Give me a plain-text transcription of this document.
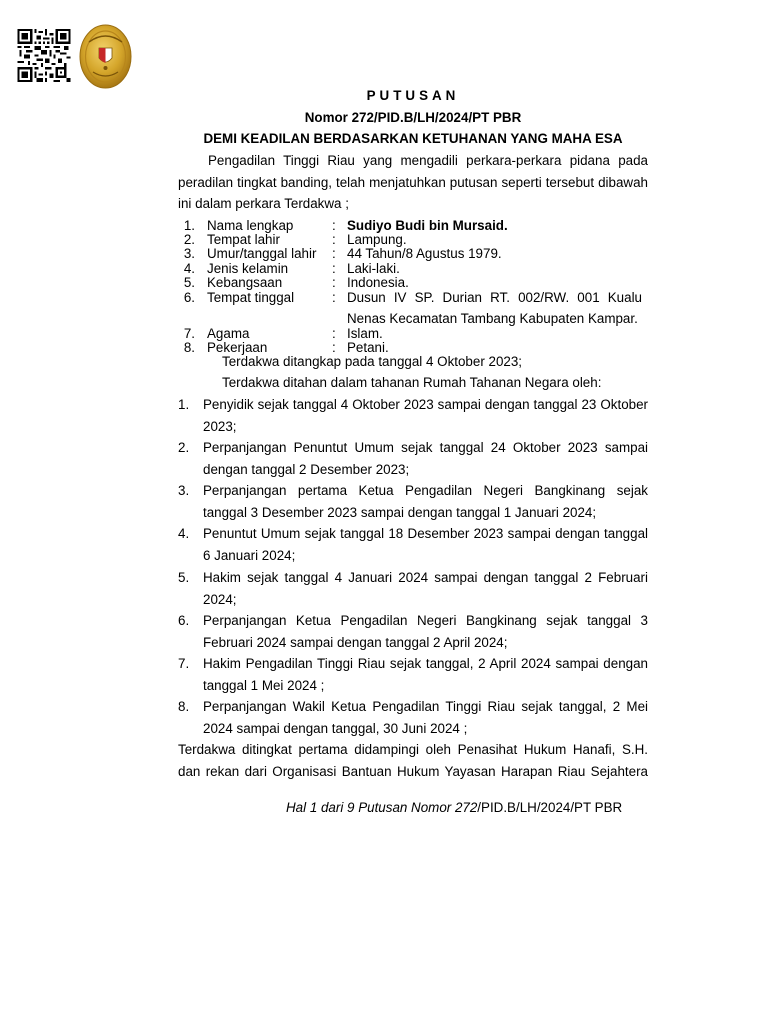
PUTUSAN
Nomor 272/PID.B/LH/2024/PT PBR
DEMI KEADILAN BERDASARKAN KETUHANAN YANG MAHA ESA
Pengadilan Tinggi Riau yang mengadili perkara-perkara pidana pada peradilan tingkat banding, telah menjatuhkan putusan seperti tersebut dibawah ini dalam perkara Terdakwa ;
1. Nama lengkap	: Sudiyo Budi bin Mursaid.
2. Tempat lahir	: Lampung.
3. Umur/tanggal lahir : 44 Tahun/8 Agustus 1979.
4. Jenis kelamin	: Laki-laki.
5. Kebangsaan	: Indonesia.
6. Tempat tinggal	: Dusun IV SP. Durian RT. 002/RW. 001 Kualu
Nenas Kecamatan Tambang Kabupaten Kampar.
7. Agama	: Islam.
8. Pekerjaan	: Petani.
Terdakwa ditangkap pada tanggal 4 Oktober 2023;
Terdakwa ditahan dalam tahanan Rumah Tahanan Negara oleh:
1. Penyidik sejak tanggal 4 Oktober 2023 sampai dengan tanggal 23 Oktober 2023;
2. Perpanjangan Penuntut Umum sejak tanggal 24 Oktober 2023 sampai dengan tanggal 2 Desember 2023;
3. Perpanjangan pertama Ketua Pengadilan Negeri Bangkinang sejak tanggal 3 Desember 2023 sampai dengan tanggal 1 Januari 2024;
4. Penuntut Umum sejak tanggal 18 Desember 2023 sampai dengan tanggal 6 Januari 2024;
5. Hakim sejak tanggal 4 Januari 2024 sampai dengan tanggal 2 Februari 2024;
6. Perpanjangan Ketua Pengadilan Negeri Bangkinang sejak tanggal 3 Februari 2024 sampai dengan tanggal 2 April 2024;
7. Hakim Pengadilan Tinggi Riau sejak tanggal, 2 April 2024 sampai dengan tanggal 1 Mei 2024 ;
8. Perpanjangan Wakil Ketua Pengadilan Tinggi Riau sejak tanggal, 2 Mei 2024 sampai dengan tanggal, 30 Juni 2024 ;
Terdakwa ditingkat pertama didampingi oleh Penasihat Hukum Hanafi, S.H. dan rekan dari Organisasi Bantuan Hukum Yayasan Harapan Riau Sejahtera
Hal 1 dari 9 Putusan Nomor 272/PID.B/LH/2024/PT PBR
